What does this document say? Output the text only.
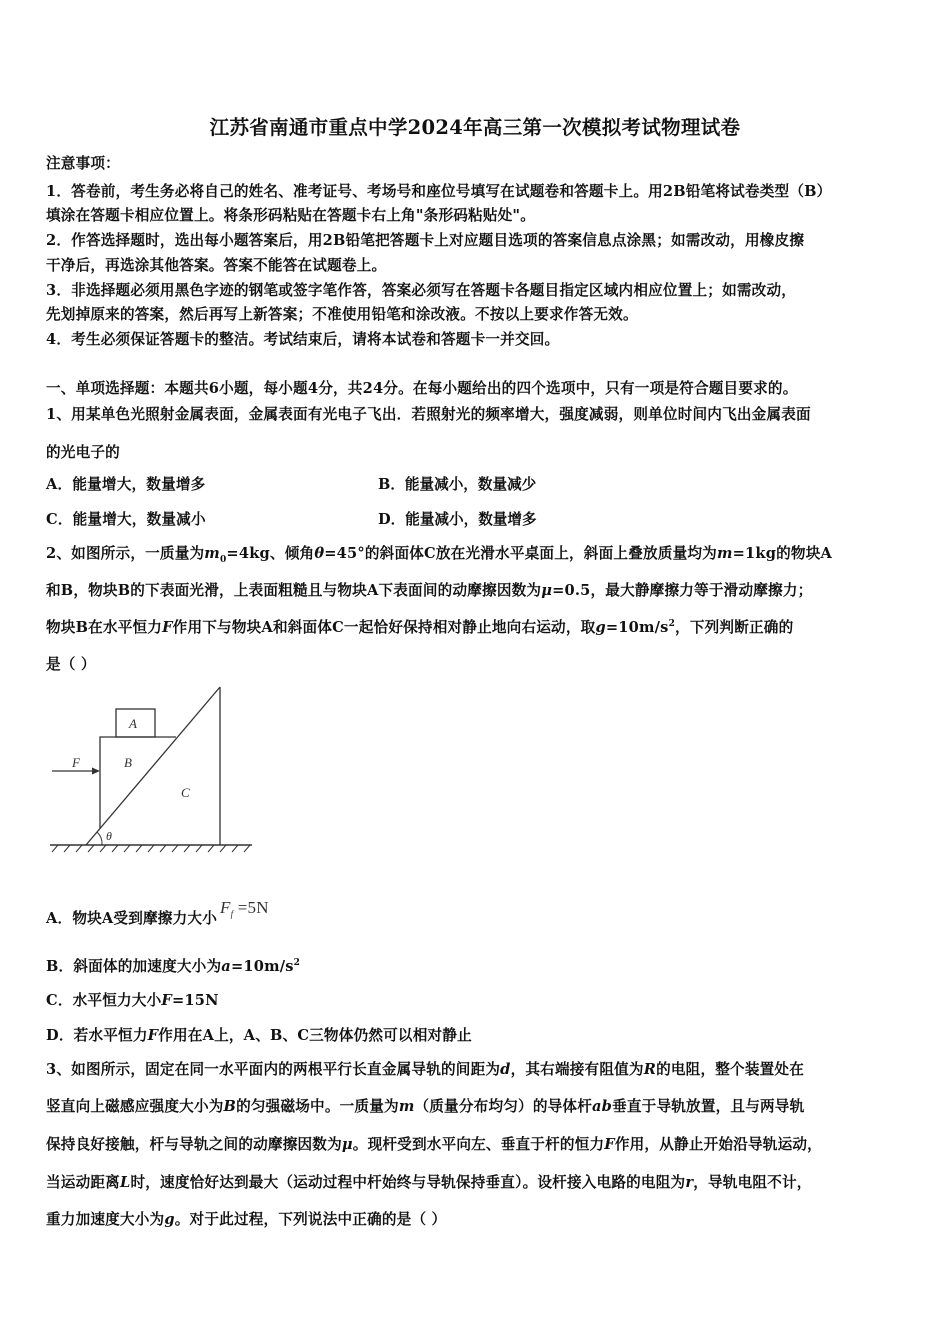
江苏省南通市重点中学2024年高三第一次模拟考试物理试卷
注意事项：
1．答卷前，考生务必将自己的姓名、准考证号、考场号和座位号填写在试题卷和答题卡上。用2B铅笔将试卷类型（B）
填涂在答题卡相应位置上。将条形码粘贴在答题卡右上角"条形码粘贴处"。
2．作答选择题时，选出每小题答案后，用2B铅笔把答题卡上对应题目选项的答案信息点涂黑；如需改动，用橡皮擦
干净后，再选涂其他答案。答案不能答在试题卷上。
3．非选择题必须用黑色字迹的钢笔或签字笔作答，答案必须写在答题卡各题目指定区域内相应位置上；如需改动，
先划掉原来的答案，然后再写上新答案；不准使用铅笔和涂改液。不按以上要求作答无效。
4．考生必须保证答题卡的整洁。考试结束后，请将本试卷和答题卡一并交回。
一、单项选择题：本题共6小题，每小题4分，共24分。在每小题给出的四个选项中，只有一项是符合题目要求的。
1、用某单色光照射金属表面，金属表面有光电子飞出．若照射光的频率增大，强度减弱，则单位时间内飞出金属表面
的光电子的
A．能量增大，数量增多	B．能量减小，数量减少
C．能量增大，数量减小	D．能量减小，数量增多
2、如图所示，一质量为$m_0=4kg$、倾角θ=45°的斜面体C放在光滑水平桌面上，斜面上叠放质量均为m=1kg的物块A
和B，物块B的下表面光滑，上表面粗糙且与物块A下表面间的动摩擦因数为μ=0.5，最大静摩擦力等于滑动摩擦力；
物块B在水平恒力F作用下与物块A和斜面体C一起恰好保持相对静止地向右运动，取$g=10m/s^2$，下列判断正确的
是（ ）
A
B
C
F
θ
A．物块A受到摩擦力大小$F_f =5N$
B．斜面体的加速度大小为$a=10m/s^2$
C．水平恒力大小F=15N
D．若水平恒力F作用在A上，A、B、C三物体仍然可以相对静止
3、如图所示，固定在同一水平面内的两根平行长直金属导轨的间距为d，其右端接有阻值为R的电阻，整个装置处在
竖直向上磁感应强度大小为B的匀强磁场中。一质量为m（质量分布均匀）的导体杆ab垂直于导轨放置，且与两导轨
保持良好接触，杆与导轨之间的动摩擦因数为μ。现杆受到水平向左、垂直于杆的恒力F作用，从静止开始沿导轨运动，
当运动距离L时，速度恰好达到最大（运动过程中杆始终与导轨保持垂直）。设杆接入电路的电阻为r，导轨电阻不计，
重力加速度大小为g。对于此过程，下列说法中正确的是（ ）
